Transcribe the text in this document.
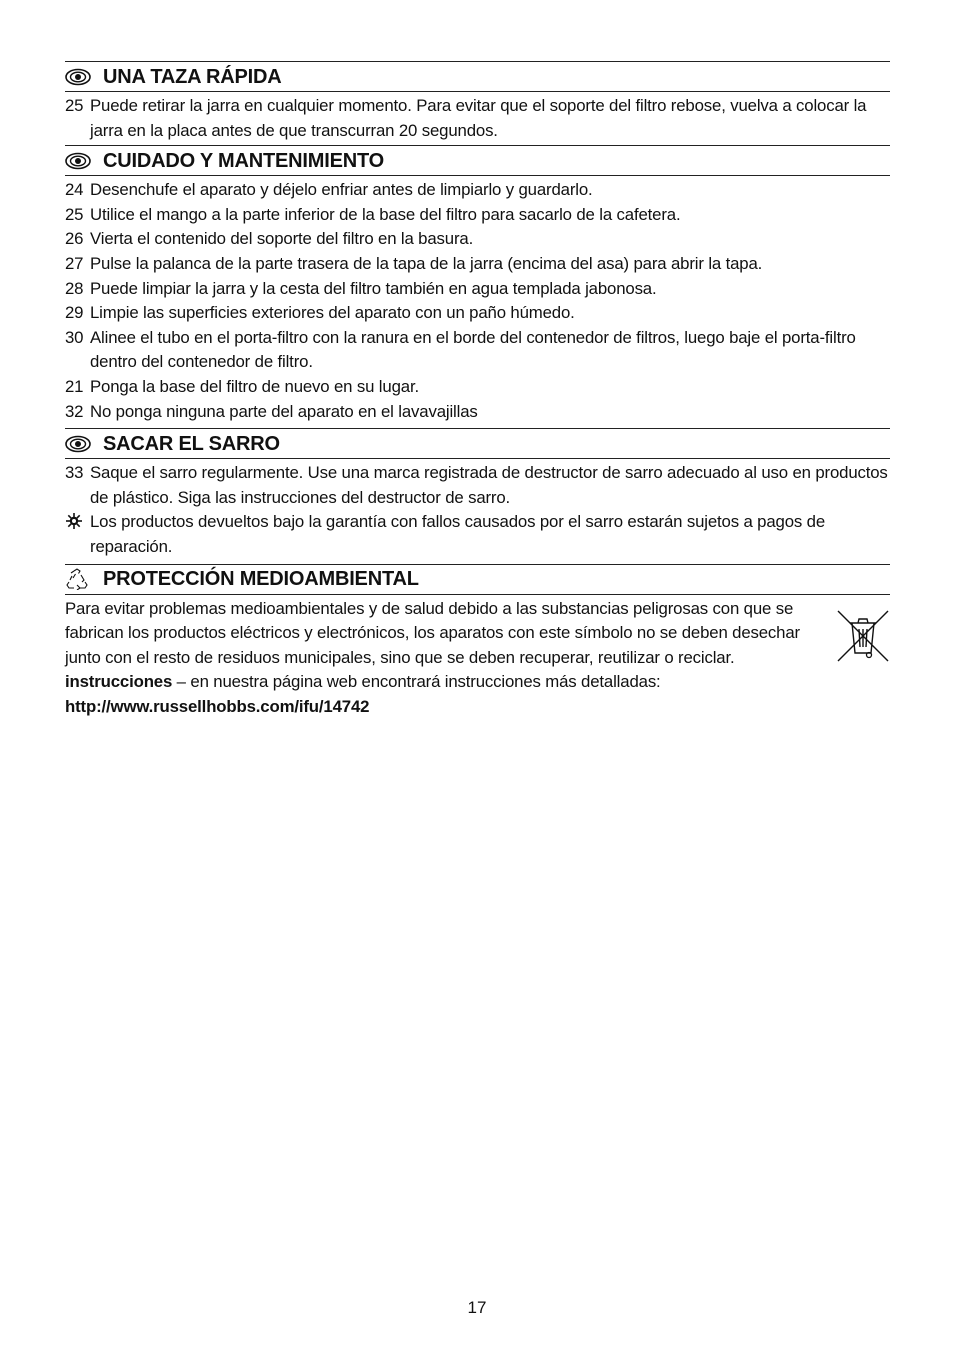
UNA TAZA RÁPIDA
25 Puede retirar la jarra en cualquier momento. Para evitar que el soporte del filtro rebose, vuelva a colocar la jarra en la placa antes de que transcurran 20 segundos.
CUIDADO Y MANTENIMIENTO
24 Desenchufe el aparato y déjelo enfriar antes de limpiarlo y guardarlo.
25 Utilice el mango a la parte inferior de la base del filtro para sacarlo de la cafetera.
26 Vierta el contenido del soporte del filtro en la basura.
27 Pulse la palanca de la parte trasera de la tapa de la jarra (encima del asa) para abrir la tapa.
28 Puede limpiar la jarra y la cesta del filtro también en agua templada jabonosa.
29 Limpie las superficies exteriores del aparato con un paño húmedo.
30 Alinee el tubo en el porta-filtro con la ranura en el borde del contenedor de filtros, luego baje el porta-filtro dentro del contenedor de filtro.
21 Ponga la base del filtro de nuevo en su lugar.
32 No ponga ninguna parte del aparato en el lavavajillas
SACAR EL SARRO
33 Saque el sarro regularmente. Use una marca registrada de destructor de sarro adecuado al uso en productos de plástico. Siga las instrucciones del destructor de sarro.
Los productos devueltos bajo la garantía con fallos causados por el sarro estarán sujetos a pagos de reparación.
PROTECCIÓN MEDIOAMBIENTAL

Para evitar problemas medioambientales y de salud debido a las substancias peligrosas con que se fabrican los productos eléctricos y electrónicos, los aparatos con este símbolo no se deben desechar junto con el resto de residuos municipales, sino que se deben recuperar, reutilizar o reciclar.

instrucciones – en nuestra página web encontrará instrucciones más detalladas:

http://www.russellhobbs.com/ifu/14742

17
